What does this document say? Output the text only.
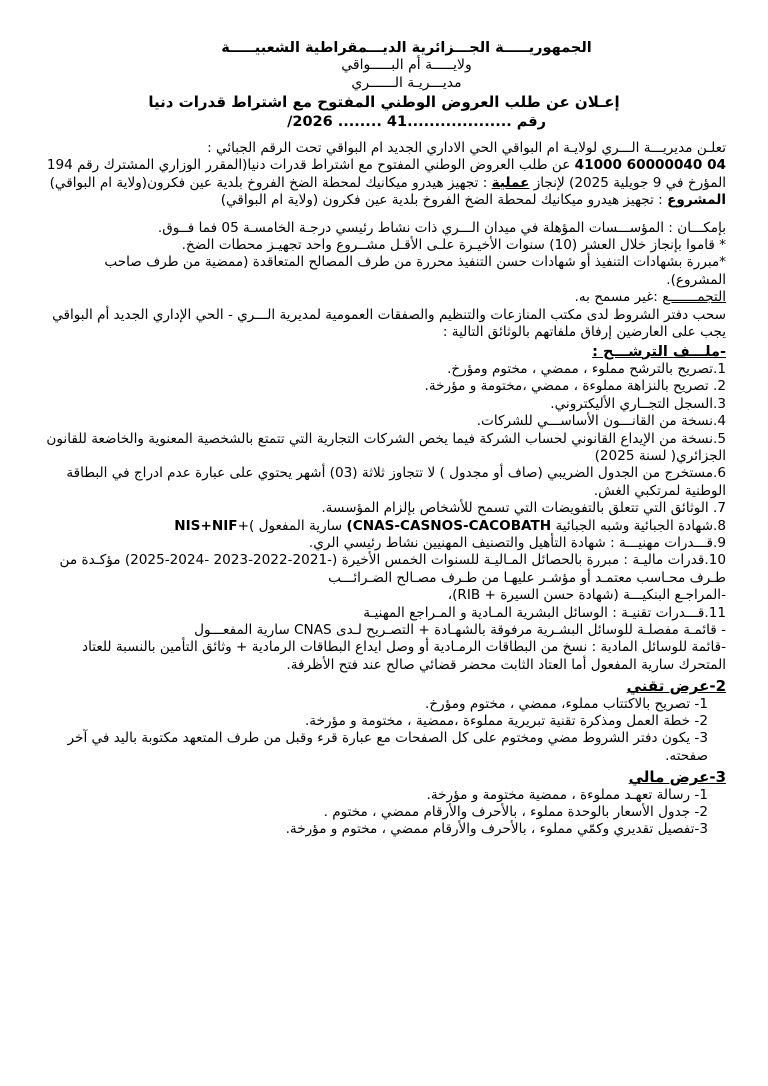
الجمهوريـــــة الجـــزائرية الديـــمقراطية الشعبيـــــة
ولايـــــة أم البـــــواقي
مديـــريـة الــــــري
إعـلان عن طلب العروض الوطني المفتوح مع اشتراط قدرات دنيا
رقم ...................41 ........ 2026/

تعلـن مديريـــة الـــري لولايـة ام البواقي الحي الاداري الجديد ام البواقي تحت الرقم الجبائي :

41000 60000040 04 عن طلب العروض الوطني المفتوح مع اشتراط قدرات دنيا(المقرر الوزاري المشترك رقم 194 المؤرخ في 9 جويلية 2025) لإنجاز عملية : تجهيز هيدرو ميكانيك لمحطة الضخ الفروخ بلدية عين فكرون(ولاية ام البواقي)

المشروع : تجهيز هيدرو ميكانيك لمحطة الضخ الفروخ بلدية عين فكرون (ولاية ام البواقي)

بإمكـــان : المؤســـسات المؤهلة في ميدان الـــري ذات نشاط رئيسي درجـة الخامسـة 05 فما فــوق.

* قاموا بإنجاز خلال العشر (10) سنوات الأخيـرة علـى الأقـل مشــروع واحد تجهيـز محطات الضخ.

*مبررة بشهادات التنفيذ أو شهادات حسن التنفيذ محررة من طرف المصالح المتعاقدة (ممضية من طرف صاحب المشروع).

التجمـــــــع :غير مسمح به.

سحب دفتر الشروط لدى مكتب المنازعات والتنظيم والصفقات العمومية لمديرية الـــري - الحي الإداري الجديد أم البواقي يجب على العارضين إرفاق ملفاتهم بالوثائق التالية :

-ملـــف الترشـــح :

1.تصريح بالترشح مملوء ، ممضي ، مختوم ومؤرخ.

2. تصريح بالنزاهة مملوءة ، ممضي ،مختومة و مؤرخة.

3.السجل التجــاري الأليكتروني.

4.نسخة من القانـــون الأساســـي للشركات.

5.نسخة من الإيداع القانوني لحساب الشركة فيما يخص الشركات التجارية التي تتمتع بالشخصية المعنوية والخاضعة للقانون الجزائري( لسنة 2025)

6.مستخرج من الجدول الضريبي (صاف أو مجدول ) لا تتجاوز ثلاثة (03) أشهر يحتوي على عبارة عدم ادراج في البطاقة الوطنية لمرتكبي الغش.

7. الوثائق التي تتعلق بالتفويضات التي تسمح للأشخاص بإلزام المؤسسة.

8.شهادة الجبائية وشبه الجبائية (CNAS-CASNOS-CACOBATH سارية المفعول )+NIS+NIF

9.قـــدرات مهنيـــة : شهادة التأهيل والتصنيف المهنيين نشاط رئيسي الري.

10.قدرات ماليـة : مبررة بالحصائل المـاليـة للسنوات الخمس الأخيرة (-2021-2022-2023 -2024-2025) مؤكـدة من طـرف محـاسب معتمـد أو مؤشـر عليهـا من طـرف مصـالح الضـرائـــب

-المراجـع البنكيـــة (شهادة حسن السيرة + RIB)،

11.قـــدرات تقنيـة : الوسائل البشرية المـادية و المـراجع المهنيـة

- قائمـة مفصلـة للوسائل البشـرية مرفوقة بالشهـادة + التصـريح لـدى CNAS سارية المفعـــول

-قائمة للوسائل المادية : نسخ من البطاقات الرمـادية أو وصل ايداع البطاقات الرمادية + وثائق التأمين بالنسبة للعتاد المتحرك سارية المفعول أما العتاد الثابت محضر قضائي صالح عند فتح الأظرفة.

2-عرض تقني

1- تصريح بالاكتتاب مملوء، ممضي ، مختوم ومؤرخ.

2- خطة العمل ومذكرة تقنية تبريرية مملوءة ،ممضية ، مختومة و مؤرخة.

3- يكون دفتر الشروط مضي ومختوم على كل الصفحات مع عبارة قرء وقبل من طرف المتعهد مكتوبة باليد في آخر صفحته.

3-عرض مالي

1- رسالة تعهـد مملوءة ، ممضية مختومة و مؤرخة.

2- جدول الأسعار بالوحدة مملوء ، بالأحرف والأرقام ممضي ، مختوم .

3-تفصيل تقديري وكمّي مملوء ، بالأحرف والأرقام ممضي ، مختوم و مؤرخة.
